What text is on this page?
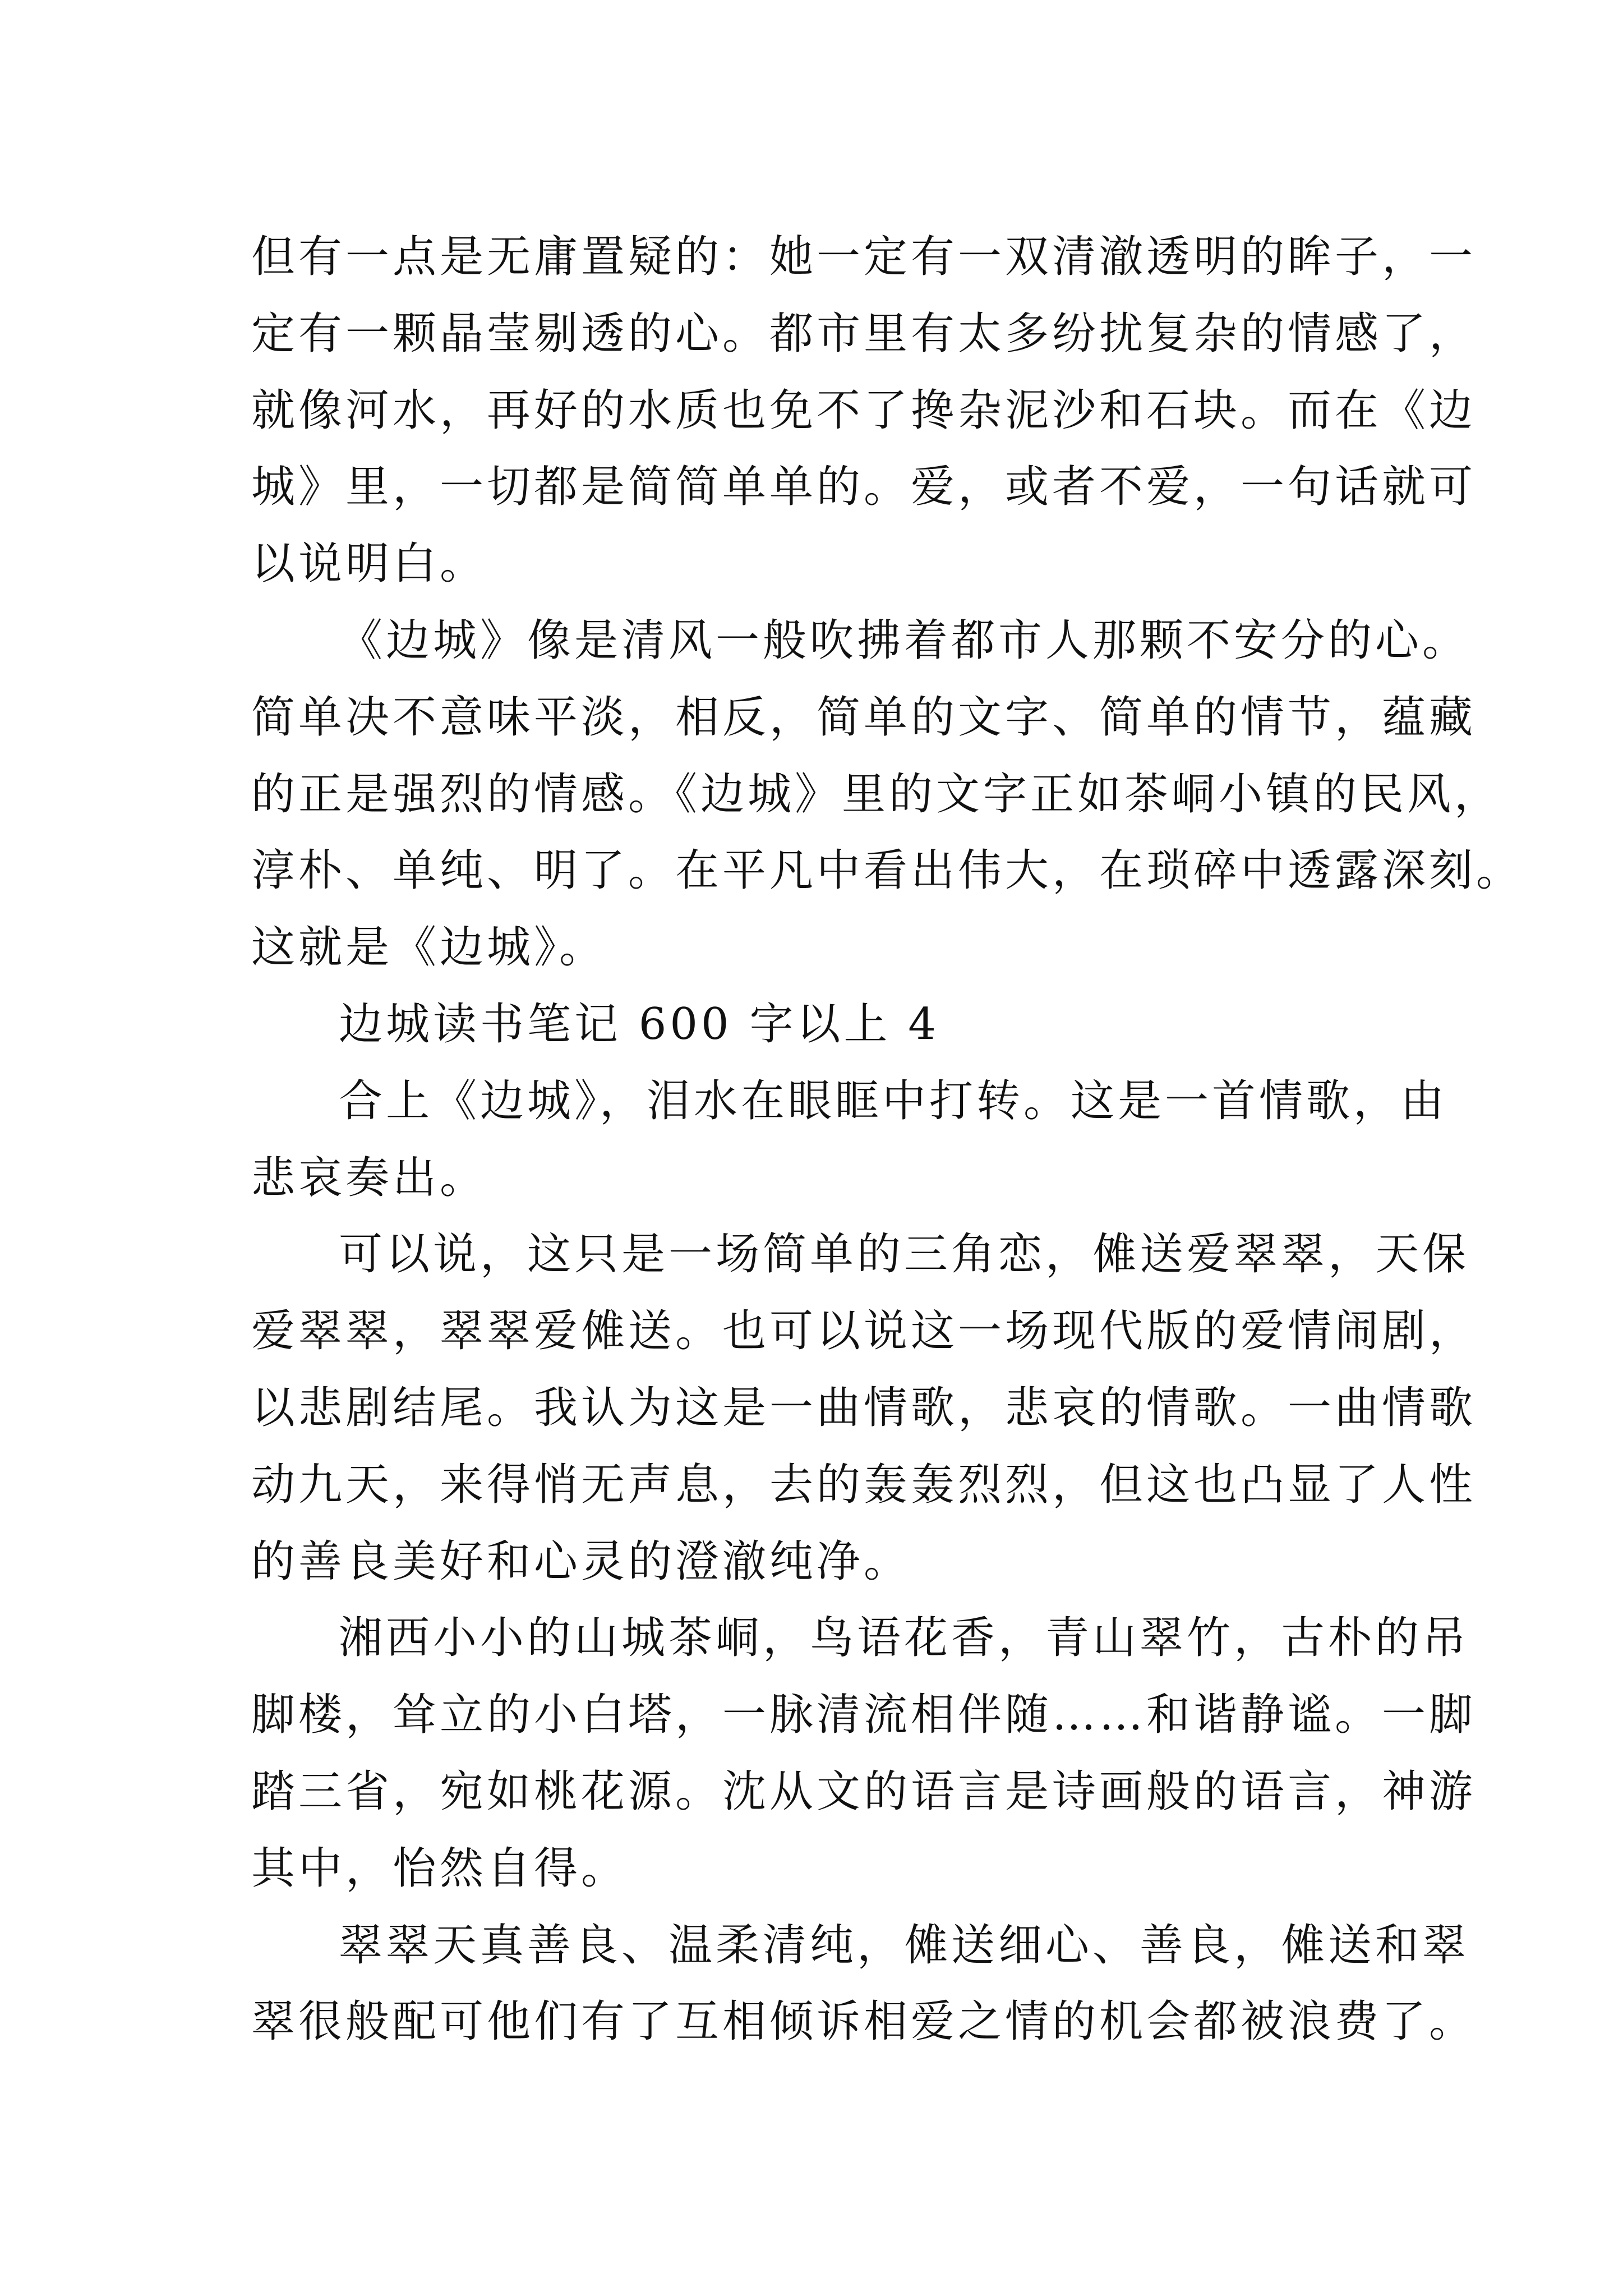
但有一点是无庸置疑的：她一定有一双清澈透明的眸子，一
定有一颗晶莹剔透的心。都市里有太多纷扰复杂的情感了，
就像河水，再好的水质也免不了搀杂泥沙和石块。而在《边
城》里，一切都是简简单单的。爱，或者不爱，一句话就可
以说明白。
《边城》像是清风一般吹拂着都市人那颗不安分的心。
简单决不意味平淡，相反，简单的文字、简单的情节，蕴藏
的正是强烈的情感。《边城》里的文字正如茶峒小镇的民风，
淳朴、单纯、明了。在平凡中看出伟大，在琐碎中透露深刻。
这就是《边城》。
边城读书笔记 600 字以上 4
合上《边城》，泪水在眼眶中打转。这是一首情歌，由
悲哀奏出。
可以说，这只是一场简单的三角恋，傩送爱翠翠，天保
爱翠翠，翠翠爱傩送。也可以说这一场现代版的爱情闹剧，
以悲剧结尾。我认为这是一曲情歌，悲哀的情歌。一曲情歌
动九天，来得悄无声息，去的轰轰烈烈，但这也凸显了人性
的善良美好和心灵的澄澈纯净。
湘西小小的山城茶峒，鸟语花香，青山翠竹，古朴的吊
脚楼，耸立的小白塔，一脉清流相伴随……和谐静谧。一脚
踏三省，宛如桃花源。沈从文的语言是诗画般的语言，神游
其中，怡然自得。
翠翠天真善良、温柔清纯，傩送细心、善良，傩送和翠
翠很般配可他们有了互相倾诉相爱之情的机会都被浪费了。
